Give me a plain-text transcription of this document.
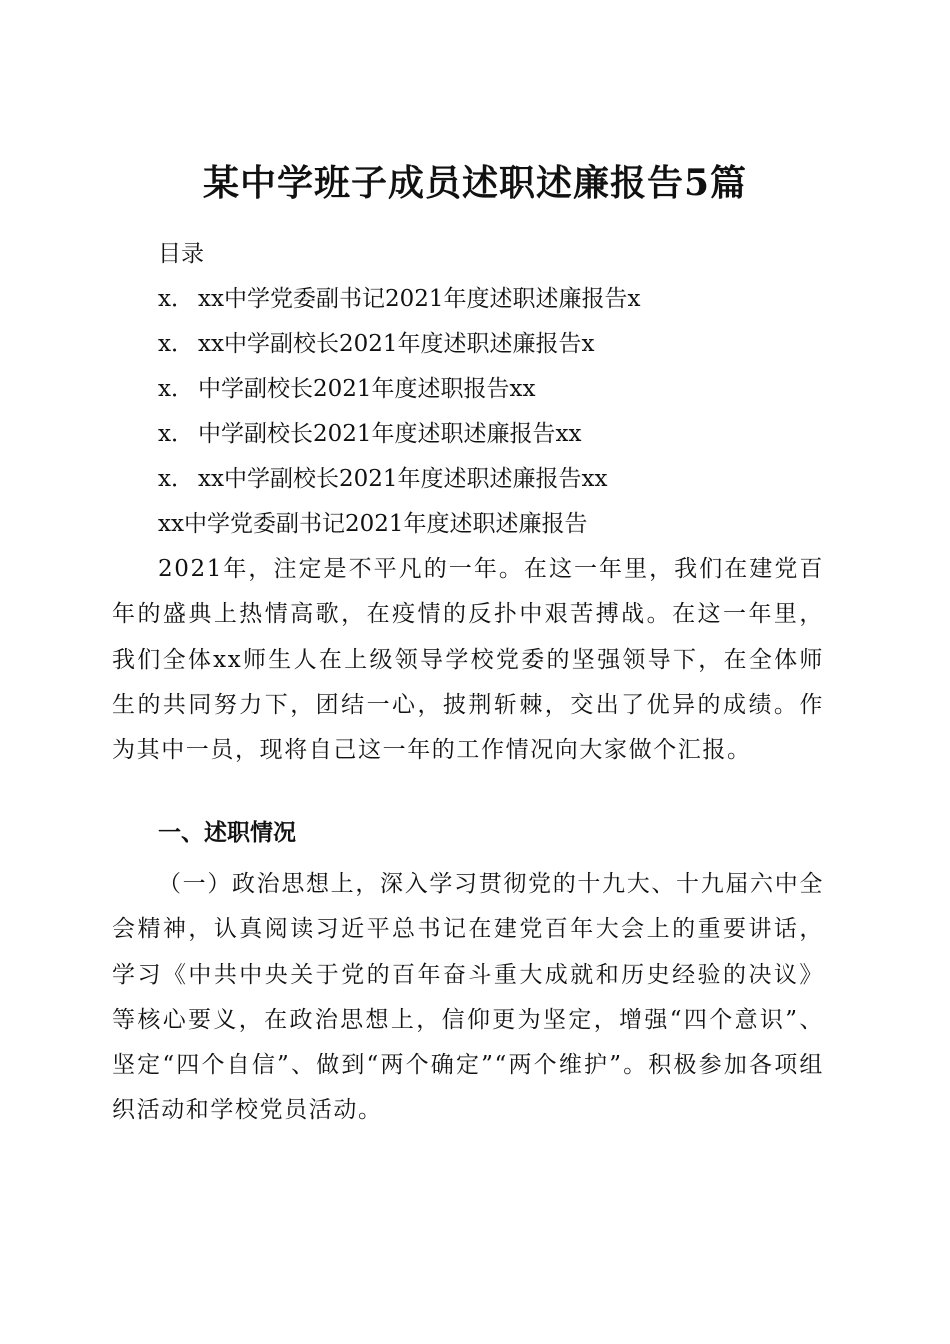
某中学班子成员述职述廉报告5篇
目录
x． xx中学党委副书记2021年度述职述廉报告x
x． xx中学副校长2021年度述职述廉报告x
x． 中学副校长2021年度述职报告xx
x． 中学副校长2021年度述职述廉报告xx
x． xx中学副校长2021年度述职述廉报告xx
xx中学党委副书记2021年度述职述廉报告

2021年，注定是不平凡的一年。在这一年里，我们在建党百年的盛典上热情高歌，在疫情的反扑中艰苦搏战。在这一年里，我们全体xx师生人在上级领导学校党委的坚强领导下，在全体师生的共同努力下，团结一心，披荆斩棘，交出了优异的成绩。作为其中一员，现将自己这一年的工作情况向大家做个汇报。

一、述职情况

（一）政治思想上，深入学习贯彻党的十九大、十九届六中全会精神，认真阅读习近平总书记在建党百年大会上的重要讲话，学习《中共中央关于党的百年奋斗重大成就和历史经验的决议》等核心要义，在政治思想上，信仰更为坚定，增强“四个意识”、坚定“四个自信”、做到“两个确定”“两个维护”。积极参加各项组织活动和学校党员活动。
